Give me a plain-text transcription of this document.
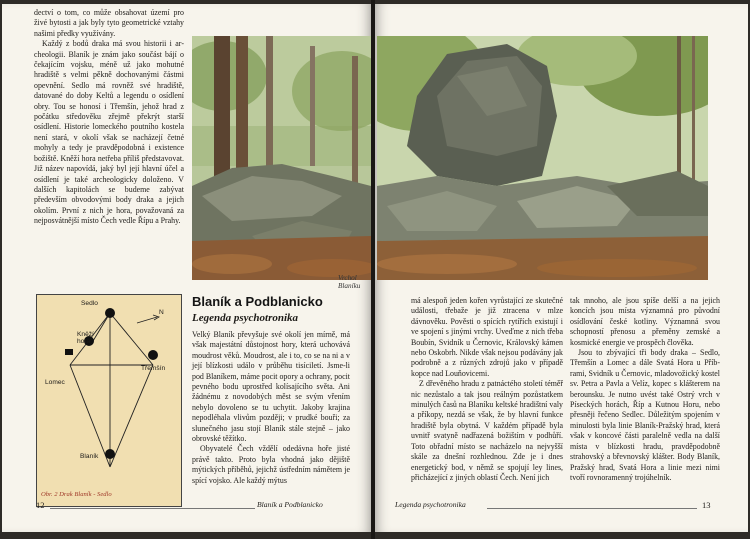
dectví o tom, co může obsahovat území pro živé bytosti a jak byly tyto geometrické vztahy našimi předky využívány.

Každý z bodů draka má svou historii i archeologii. Blaník je znám jako součást bájí o čekajícím vojsku, méně už jako mohutné hradiště s velmi pěkně dochovanými částmi opevnění. Sedlo má rovněž své hradiště, datované do doby Keltů a legendu o osídlení obry. Tou se honosí i Třemšín, jehož hrad z počátku středověku zřejmě překrýt starší osídlení. Historie lomeckého poutního kostela není stará, v okolí však se nacházejí četné mohyly a tedy je pravděpodobná i existence božiště. Kněží hora netřeba příliš představovat. Již název napovídá, jaký byl její hlavní účel a osídlení je také archeologicky doloženo. V dalších kapitolách se budeme zabývat především obvodovými body draka a jejich okolím. První z nich je hora, považovaná za nejposvátnější místo Čech vedle Řípu a Prahy.

Vrchol Blaníku
Sedlo
Kněží hora
N
Lomec
Třemšín
Blaník
Obr. 2 Drak Blaník - Sedlo
Blaník a Podblanicko
Legenda psychotronika

Velký Blaník převyšuje své okolí jen mírně, má však majestátní důstojnost hory, která uchovává moudrost věků. Moudrost, ale i to, co se na ni a v její blízkosti událo v průběhu tisíciletí. Jsme-li pod Blaníkem, máme pocit opory a ochrany, pocit pevného bodu uprostřed kolísajícího světa. Ani žádnému z novodobých měst se svým vřením nebylo dovoleno se tu uchytit. Jakoby krajina nepodléhala vlivům později; v prudké bouři; za slunečného jasu stojí Blaník stále stejně – jako obrovské těžítko.

Obyvatelé Čech vždělí odedávna hoře jisté právě takto. Proto byla vhodná jako dějiště mýtických příběhů, jejichž ústředním námětem je spící vojsko. Ale každý mýtus

12	Blaník a Podblanicko

má alespoň jeden kořen vyrůstající ze skutečné události, třebaže je již ztracena v mlze dávnověku. Pověsti o spících rytířích existují i ve spojení s jinými vrchy. Uveďme z nich třeba Boubín, Svidník u Černovic, Královský kámen nebo Oskobrh. Nikde však nejsou podávány jak podrobně a z různých zdrojů jako v případě kopce nad Louňovicemi.

Z dřevěného hradu z patnáctého století téměř nic nezůstalo a tak jsou reálným pozůstatkem minulých časů na Blaníku keltské hradištní valy a příkopy, nezdá se však, že by hlavní funkce hradiště byla obytná. V každém případě byla uvnitř svatyně nadřazená božištím v podhůří. Toto obřadní místo se nacházelo na nejvyšší skále za dnešní rozhlednou. Zde je i dnes energetický bod, v němž se spojují ley lines, přicházející z jiných oblastí Čech. Není jich

tak mnoho, ale jsou spíše delší a na jejich koncích jsou místa významná pro původní osídlování české kotliny. Významná svou schopností přenosu a přeměny zemské a kosmické energie ve prospěch člověka.

Jsou to zbývající tři body draka – Sedlo, Třemšín a Lomec a dále Svatá Hora u Příbrami, Svidník u Černovic, mladovožický kostel sv. Petra a Pavla a Velíz, kopec s klášterem na berounsku. Je nutno uvést také Ostrý vrch v Píseckých horách, Říp a Kutnou Horu, nebo přesněji řečeno Sedlec. Důležitým spojením v minulosti byla linie Blaník-Pražský hrad, která však v koncové části paralelně vedla na další místa v blízkosti hradu, pravděpodobně strahovský a břevnovský klášter. Body Blaník, Pražský hrad, Svatá Hora a linie mezi nimi tvoří rovnoramenný trojúhelník.

Legenda psychotronika	13
